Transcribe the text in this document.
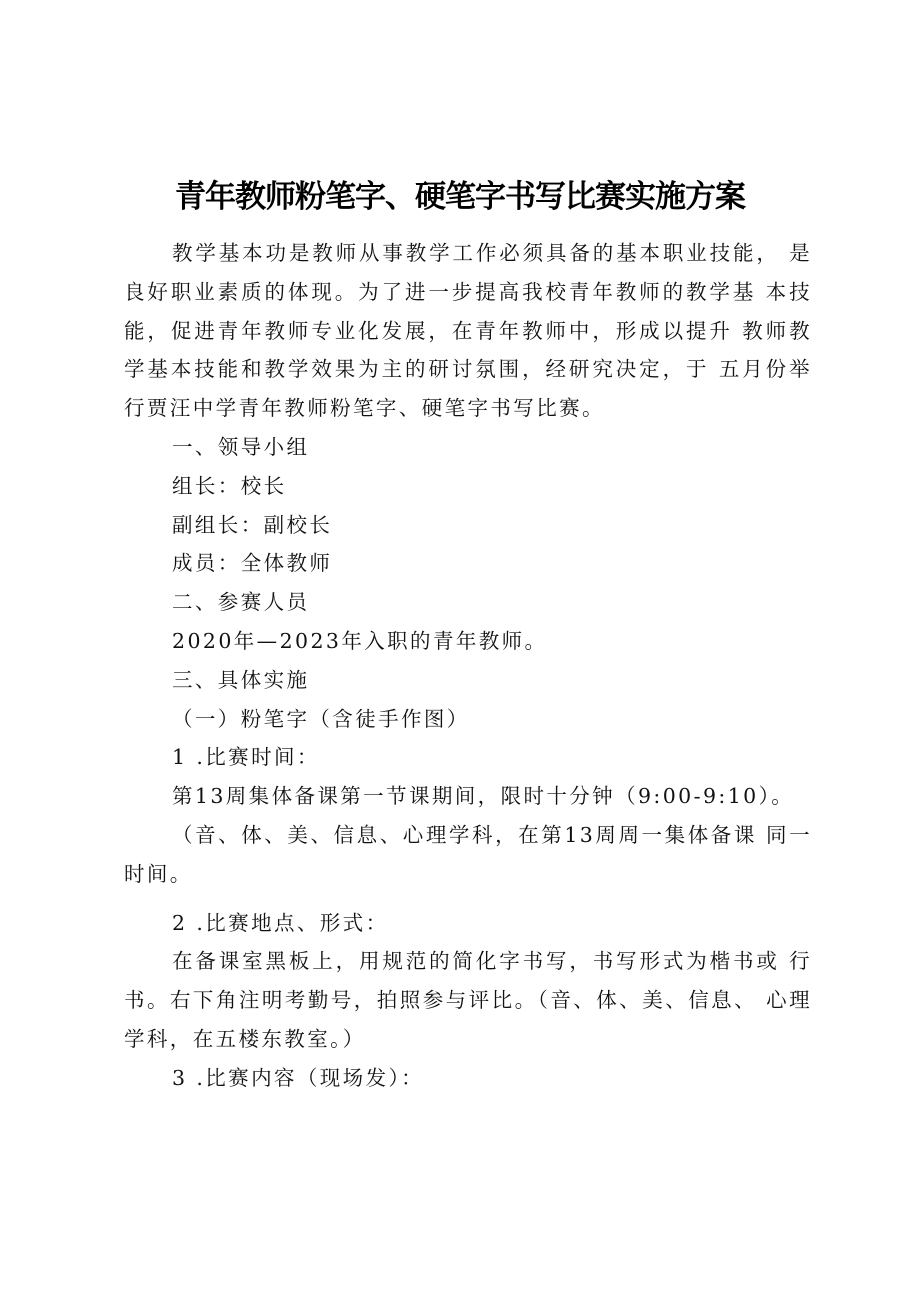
青年教师粉笔字、硬笔字书写比赛实施方案

教学基本功是教师从事教学工作必须具备的基本职业技能， 是良好职业素质的体现。为了进一步提高我校青年教师的教学基 本技能，促进青年教师专业化发展，在青年教师中，形成以提升 教师教学基本技能和教学效果为主的研讨氛围，经研究决定，于 五月份举行贾汪中学青年教师粉笔字、硬笔字书写比赛。

一、领导小组

组长：校长

副组长：副校长

成员：全体教师

二、参赛人员

2020年—2023年入职的青年教师。

三、具体实施

（一）粉笔字（含徒手作图）

1 .比赛时间：

第13周集体备课第一节课期间，限时十分钟（9:00-9:10）。

（音、体、美、信息、心理学科，在第13周周一集体备课 同一时间。

2 .比赛地点、形式：

在备课室黑板上，用规范的简化字书写，书写形式为楷书或 行书。右下角注明考勤号，拍照参与评比。（音、体、美、信息、 心理学科，在五楼东教室。）

3 .比赛内容（现场发）：
